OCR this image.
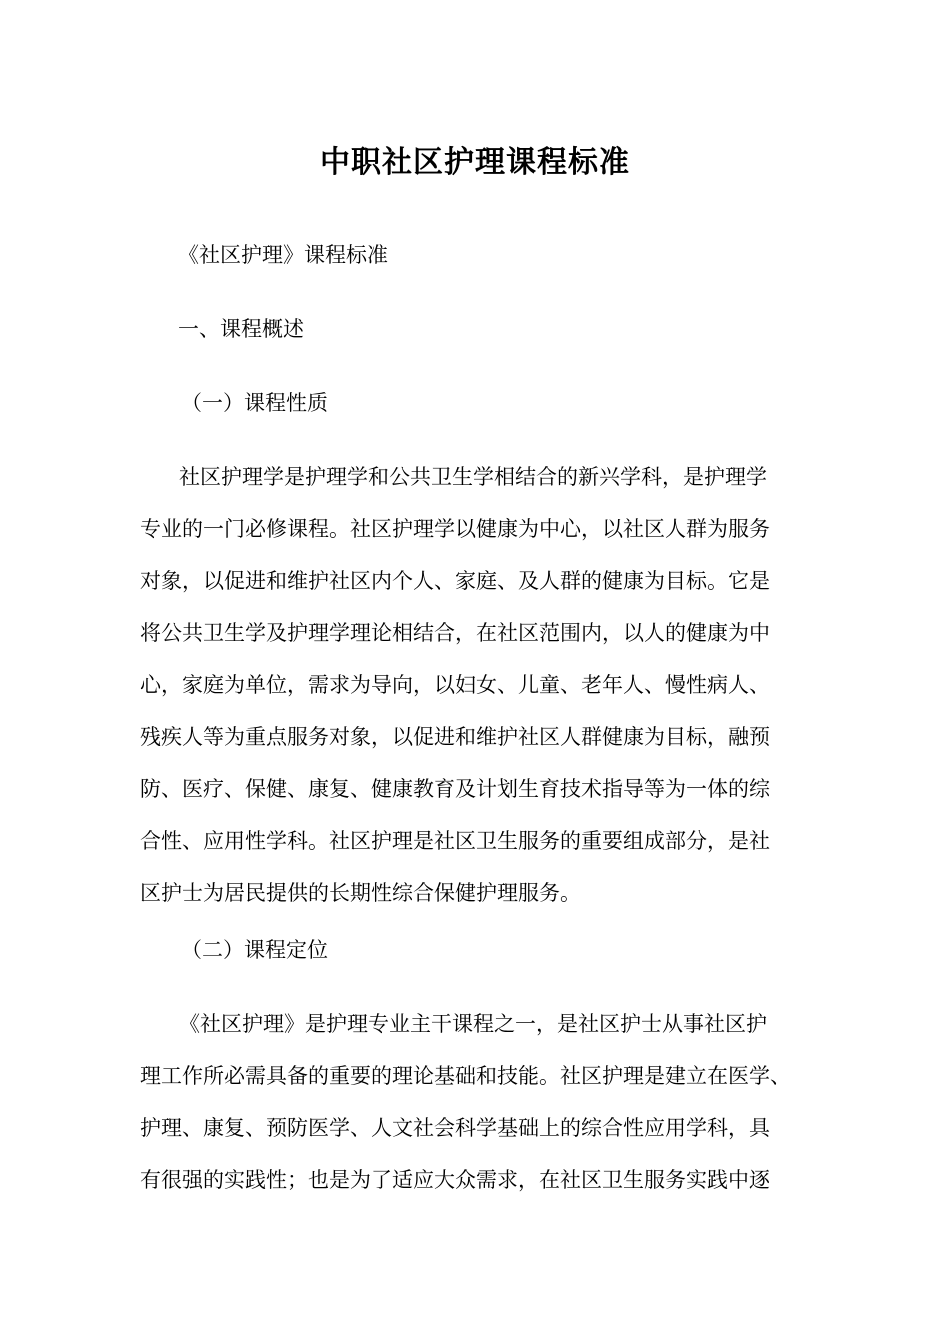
中职社区护理课程标准

《社区护理》课程标准

一、课程概述

（一）课程性质

社区护理学是护理学和公共卫生学相结合的新兴学科，是护理学
专业的一门必修课程。社区护理学以健康为中心，以社区人群为服务
对象，以促进和维护社区内个人、家庭、及人群的健康为目标。它是
将公共卫生学及护理学理论相结合，在社区范围内，以人的健康为中
心，家庭为单位，需求为导向，以妇女、儿童、老年人、慢性病人、
残疾人等为重点服务对象，以促进和维护社区人群健康为目标，融预
防、医疗、保健、康复、健康教育及计划生育技术指导等为一体的综
合性、应用性学科。社区护理是社区卫生服务的重要组成部分，是社
区护士为居民提供的长期性综合保健护理服务。

（二）课程定位

《社区护理》是护理专业主干课程之一，是社区护士从事社区护
理工作所必需具备的重要的理论基础和技能。社区护理是建立在医学、
护理、康复、预防医学、人文社会科学基础上的综合性应用学科，具
有很强的实践性；也是为了适应大众需求，在社区卫生服务实践中逐
